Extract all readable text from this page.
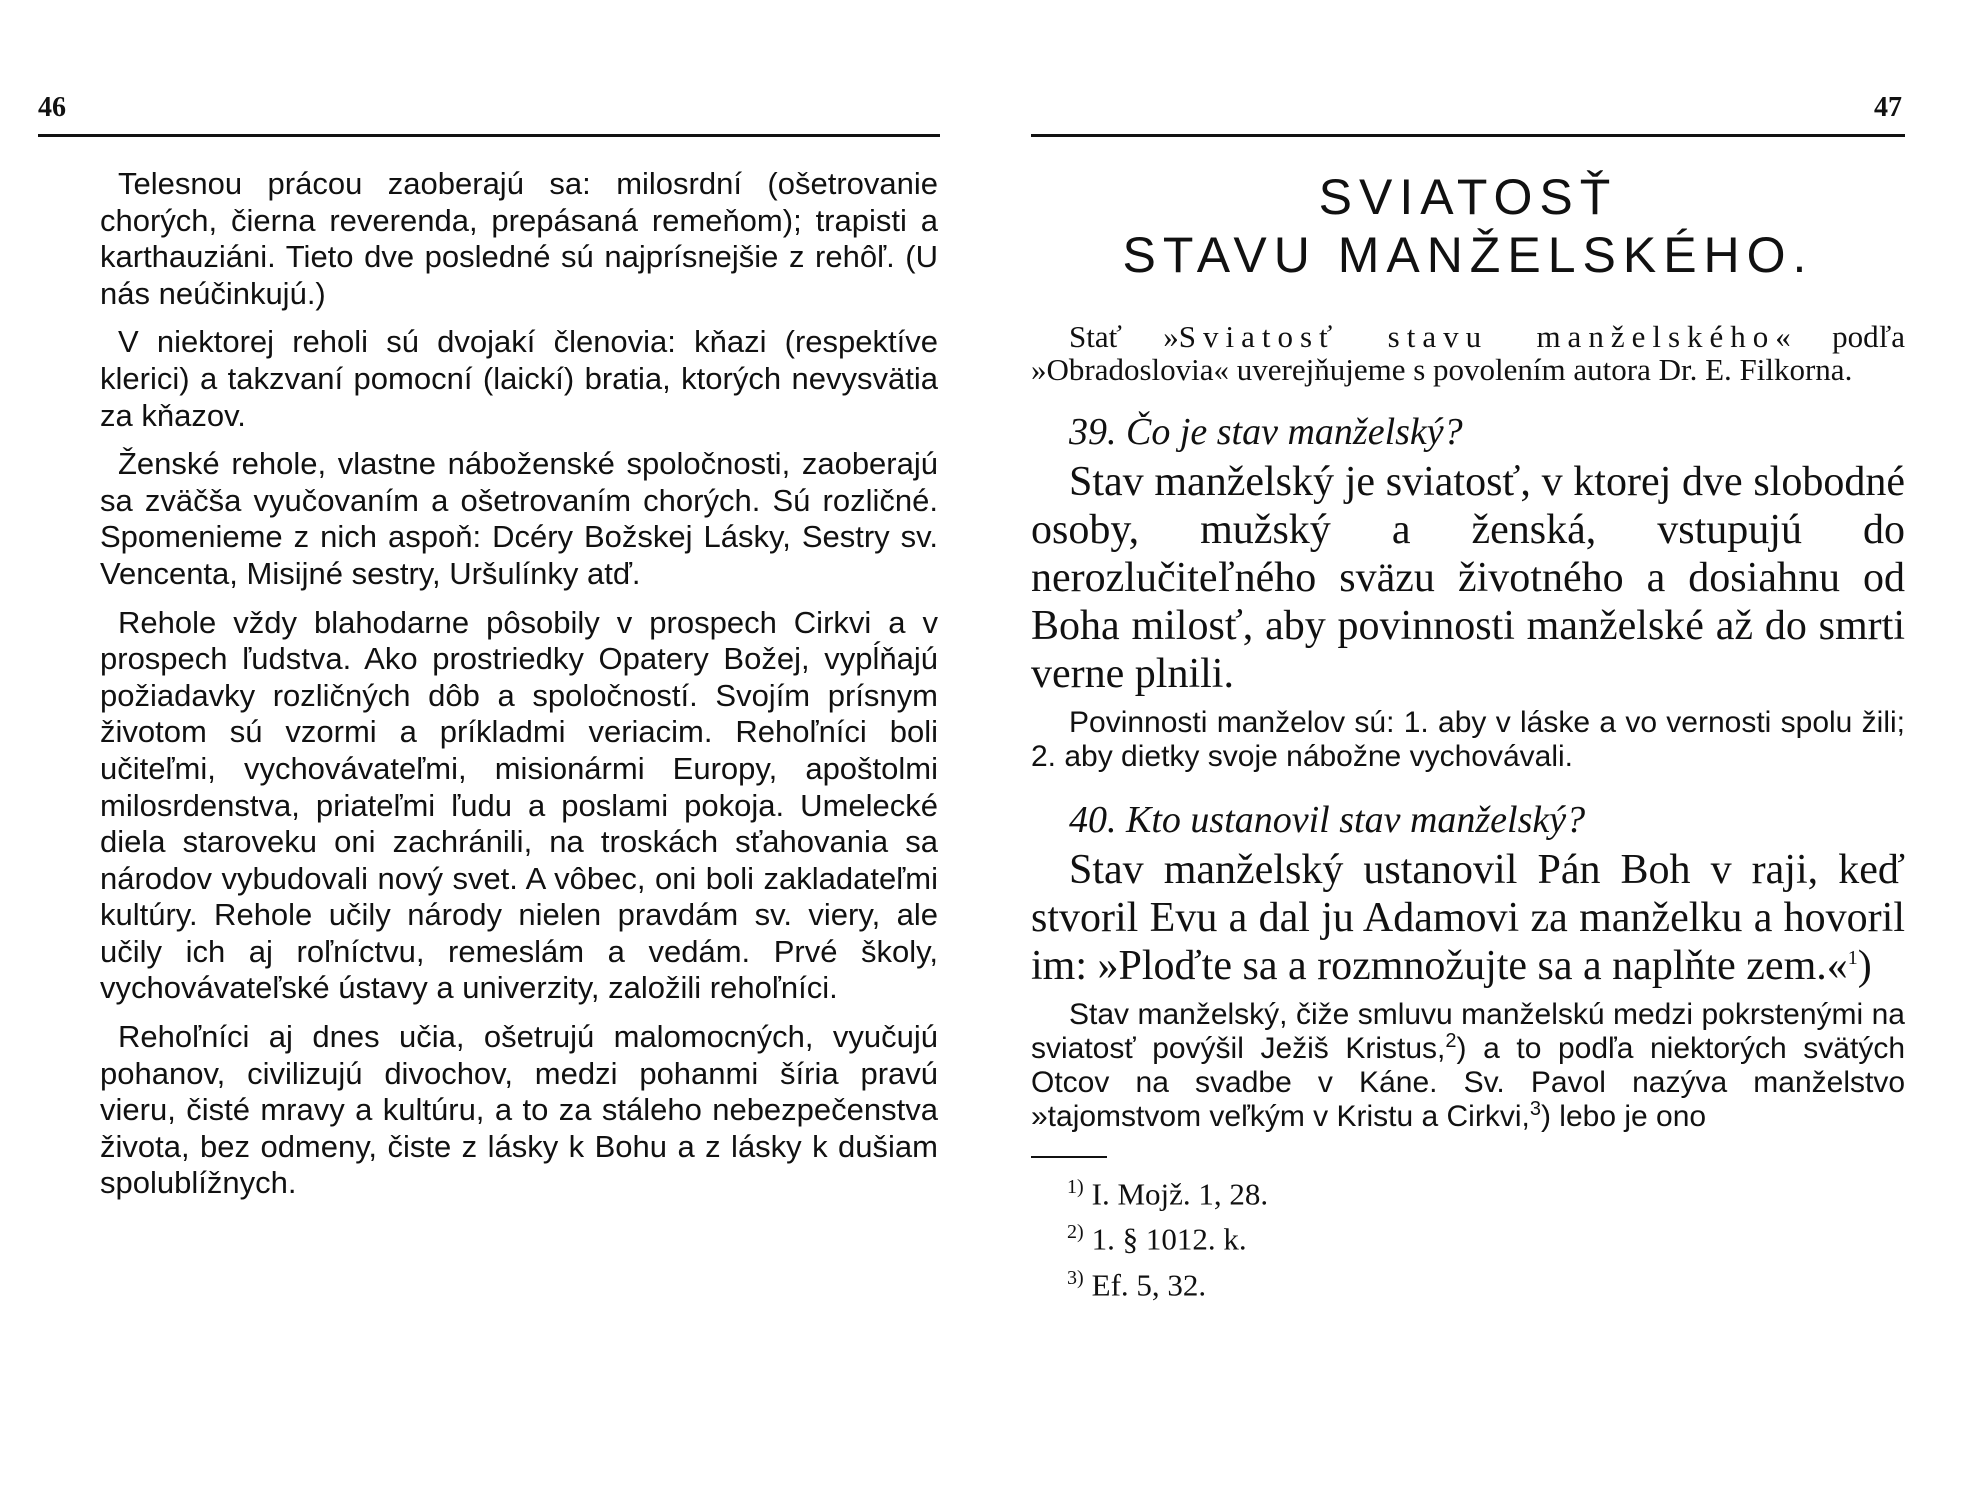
46

Telesnou prácou zaoberajú sa: milosrdní (ošetrovanie chorých, čierna reverenda, prepásaná remeňom); trapisti a karthauziáni. Tieto dve posledné sú najprísnejšie z rehôľ. (U nás neúčinkujú.)

V niektorej reholi sú dvojakí členovia: kňazi (respektíve klerici) a takzvaní pomocní (laickí) bratia, ktorých nevysvätia za kňazov.

Ženské rehole, vlastne náboženské spoločnosti, zaoberajú sa zväčša vyučovaním a ošetrovaním chorých. Sú rozličné. Spomenieme z nich aspoň: Dcéry Božskej Lásky, Sestry sv. Vencenta, Misijné sestry, Uršulínky atď.

Rehole vždy blahodarne pôsobily v prospech Cirkvi a v prospech ľudstva. Ako prostriedky Opatery Božej, vypĺňajú požiadavky rozličných dôb a spoločností. Svojím prísnym životom sú vzormi a príkladmi veriacim. Rehoľníci boli učiteľmi, vychovávateľmi, misionármi Europy, apoštolmi milosrdenstva, priateľmi ľudu a poslami pokoja. Umelecké diela staroveku oni zachránili, na troskách sťahovania sa národov vybudovali nový svet. A vôbec, oni boli zakladateľmi kultúry. Rehole učily národy nielen pravdám sv. viery, ale učily ich aj roľníctvu, remeslám a vedám. Prvé školy, vychovávateľské ústavy a univerzity, založili rehoľníci.

Rehoľníci aj dnes učia, ošetrujú malomocných, vyučujú pohanov, civilizujú divochov, medzi pohanmi šíria pravú vieru, čisté mravy a kultúru, a to za stáleho nebezpečenstva života, bez odmeny, čiste z lásky k Bohu a z lásky k dušiam spolublížnych.

47
SVIATOSŤ
STAVU MANŽELSKÉHO.

Stať »Sviatosť stavu manželského« podľa »Obradoslovia« uverejňujeme s povolením autora Dr. E. Filkorna.

39. Čo je stav manželský?

Stav manželský je sviatosť, v ktorej dve slobodné osoby, mužský a ženská, vstupujú do nerozlučiteľného sväzu životného a dosiahnu od Boha milosť, aby povinnosti manželské až do smrti verne plnili.

Povinnosti manželov sú: 1. aby v láske a vo vernosti spolu žili; 2. aby dietky svoje nábožne vychovávali.

40. Kto ustanovil stav manželský?

Stav manželský ustanovil Pán Boh v raji, keď stvoril Evu a dal ju Adamovi za manželku a hovoril im: »Ploďte sa a rozmnožujte sa a naplňte zem.«$^1$)

Stav manželský, čiže smluvu manželskú medzi pokrstenými na sviatosť povýšil Ježiš Kristus,$^2$) a to podľa niektorých svätých Otcov na svadbe v Káne. Sv. Pavol nazýva manželstvo »tajomstvom veľkým v Kristu a Cirkvi,$^3$) lebo je ono

$^{1)}$ I. Mojž. 1, 28.
$^{2)}$ 1. § 1012. k.
$^{3)}$ Ef. 5, 32.
